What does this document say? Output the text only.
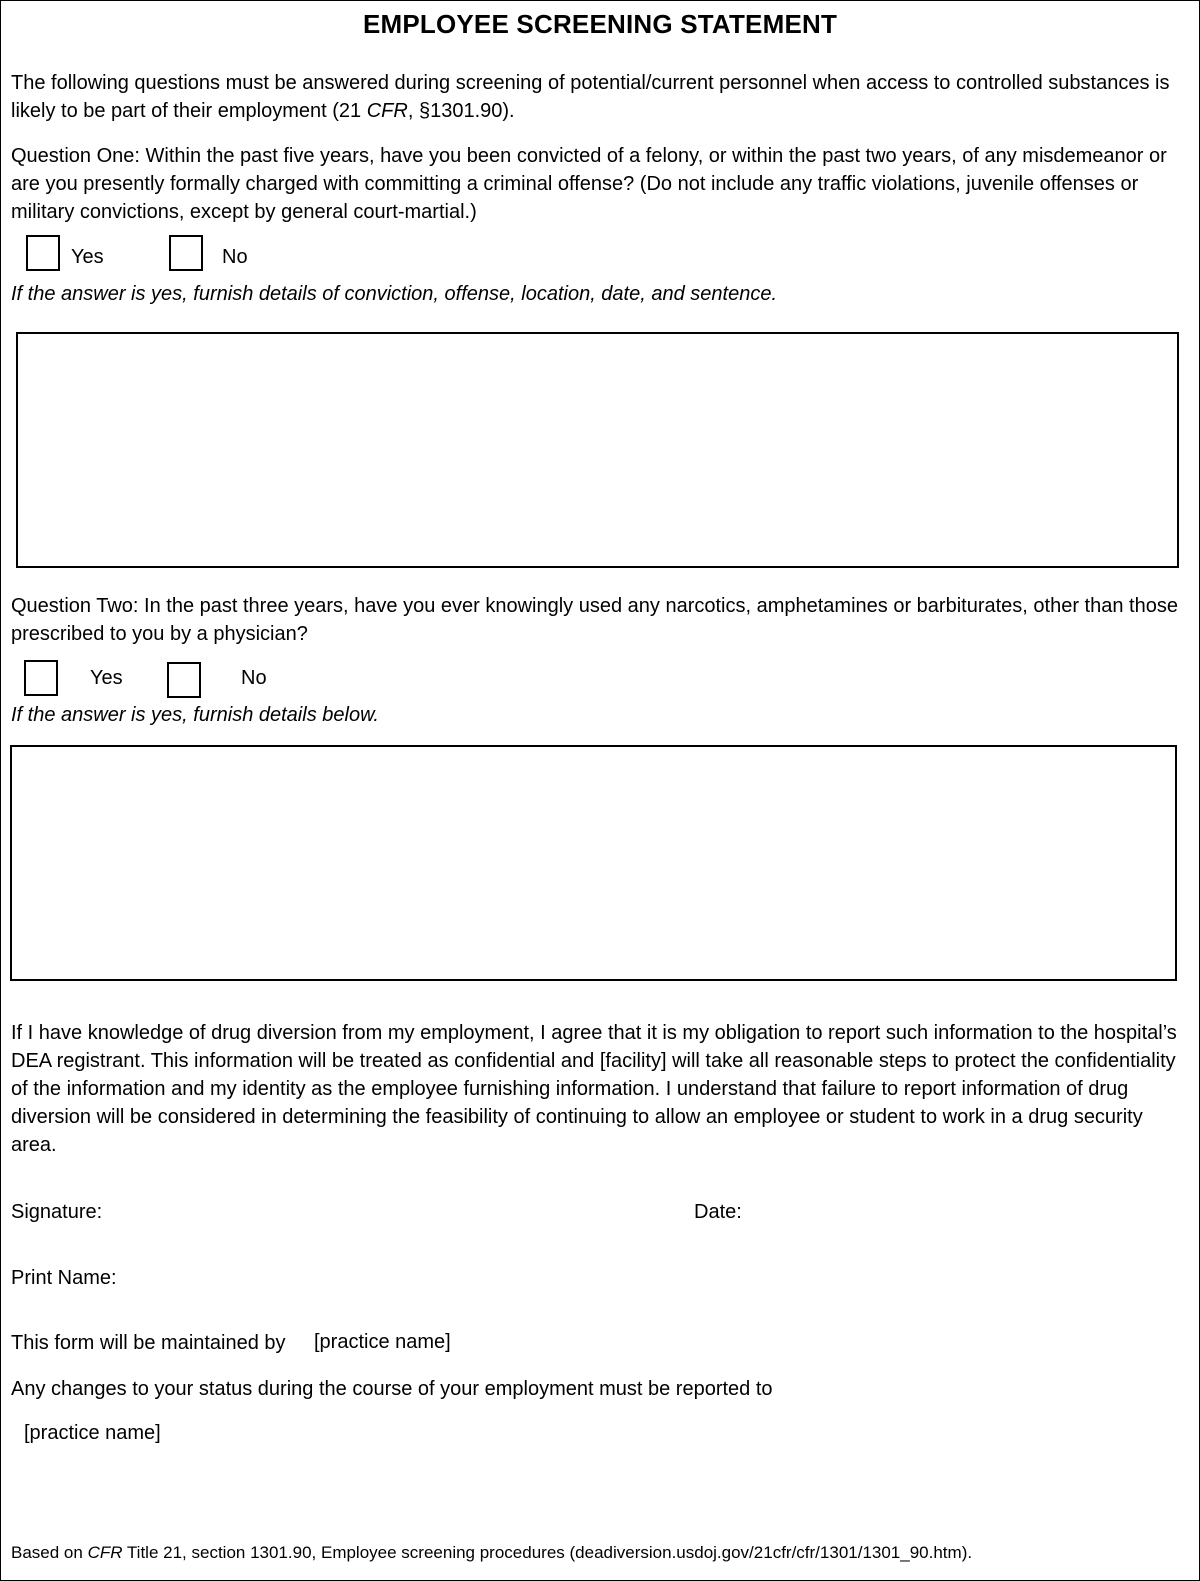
EMPLOYEE SCREENING STATEMENT
The following questions must be answered during screening of potential/current personnel when access to controlled substances is likely to be part of their employment (21 CFR, §1301.90).
Question One: Within the past five years, have you been convicted of a felony, or within the past two years, of any misdemeanor or are you presently formally charged with committing a criminal offense? (Do not include any traffic violations, juvenile offenses or military convictions, except by general court-martial.)
Yes	No
If the answer is yes, furnish details of conviction, offense, location, date, and sentence.
Question Two: In the past three years, have you ever knowingly used any narcotics, amphetamines or barbiturates, other than those prescribed to you by a physician?
Yes	No
If the answer is yes, furnish details below.
If I have knowledge of drug diversion from my employment, I agree that it is my obligation to report such information to the hospital’s DEA registrant. This information will be treated as confidential and [facility] will take all reasonable steps to protect the confidentiality of the information and my identity as the employee furnishing information. I understand that failure to report information of drug diversion will be considered in determining the feasibility of continuing to allow an employee or student to work in a drug security area.
Signature:	Date:
Print Name:
This form will be maintained by [practice name]
Any changes to your status during the course of your employment must be reported to
[practice name]
Based on CFR Title 21, section 1301.90, Employee screening procedures (deadiversion.usdoj.gov/21cfr/cfr/1301/1301_90.htm).
